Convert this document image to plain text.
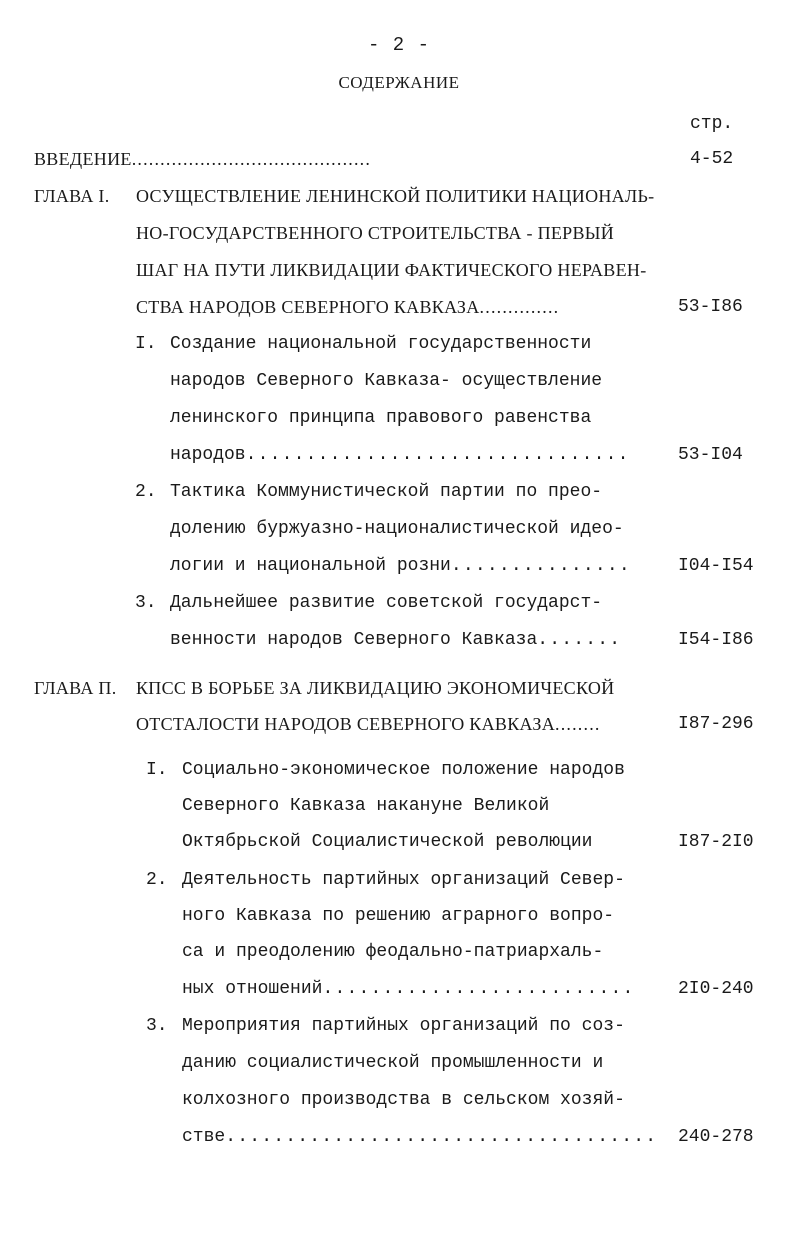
- 2 -
СОДЕРЖАНИЕ
стр.
ВВЕДЕНИЕ..........................................	4-52
ГЛАВА I. ОСУЩЕСТВЛЕНИЕ ЛЕНИНСКОЙ ПОЛИТИКИ НАЦИОНАЛЬ-
НО-ГОСУДАРСТВЕННОГО СТРОИТЕЛЬСТВА - ПЕРВЫЙ
ШАГ НА ПУТИ ЛИКВИДАЦИИ ФАКТИЧЕСКОГО НЕРАВЕН-
СТВА НАРОДОВ СЕВЕРНОГО КАВКАЗА..............	53-I86
I. Создание национальной государственности
народов Северного Кавказа- осуществление
ленинского принципа правового равенства
народов................................	53-I04
2. Тактика Коммунистической партии по прео-
долению буржуазно-националистической идео-
логии и национальной розни...............	I04-I54
3. Дальнейшее развитие советской государст-
венности народов Северного Кавказа.......	I54-I86
ГЛАВА П. КПСС В БОРЬБЕ ЗА ЛИКВИДАЦИЮ ЭКОНОМИЧЕСКОЙ
ОТСТАЛОСТИ НАРОДОВ СЕВЕРНОГО КАВКАЗА........	I87-296
I. Социально-экономическое положение народов
Северного Кавказа накануне Великой
Октябрьской Социалистической революции	I87-2I0
2. Деятельность партийных организаций Север-
ного Кавказа по решению аграрного вопро-
са и преодолению феодально-патриархаль-
ных отношений.......................... 2I0-240
3. Мероприятия партийных организаций по соз-
данию социалистической промышленности и
колхозного производства в сельском хозяй-
стве.................................... 240-278
